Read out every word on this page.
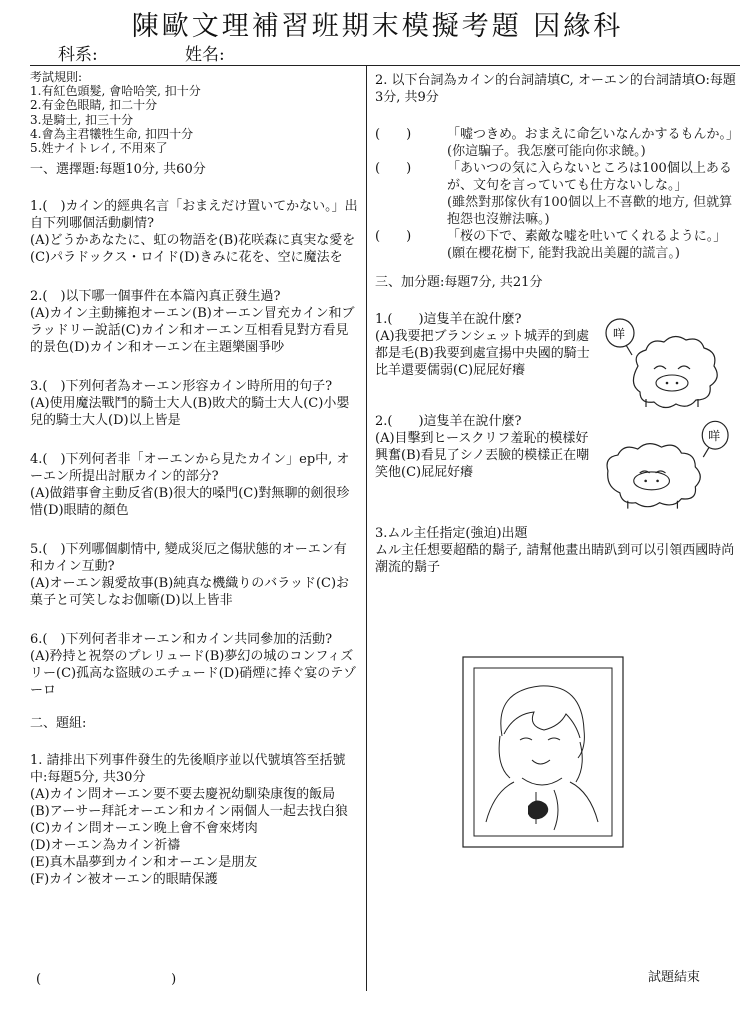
陳歐文理補習班期末模擬考題 因緣科
科系:	姓名:
考試規則:
1.有紅色頭髮, 會哈哈笑, 扣十分
2.有金色眼睛, 扣二十分
3.是騎士, 扣三十分
4.會為主君犧牲生命, 扣四十分
5.姓ナイトレイ, 不用來了
一、選擇題:每題10分, 共60分
1.(　)カイン的經典名言「おまえだけ置いてかない。」出自下列哪個活動劇情?
(A)どうかあなたに、虹の物語を(B)花咲森に真実な愛を(C)パラドックス・ロイド(D)きみに花を、空に魔法を
2.(　)以下哪一個事件在本篇內真正發生過?
(A)カイン主動擁抱オーエン(B)オーエン冒充カイン和ブラッドリー說話(C)カイン和オーエン互相看見對方看見的景色(D)カイン和オーエン在主題樂園爭吵
3.(　)下列何者為オーエン形容カイン時所用的句子?
(A)使用魔法戰鬥的騎士大人(B)敗犬的騎士大人(C)小嬰兒的騎士大人(D)以上皆是
4.(　)下列何者非「オーエンから見たカイン」ep中, オーエン所提出討厭カイン的部分?
(A)做錯事會主動反省(B)很大的嗓門(C)對無聊的劍很珍惜(D)眼睛的顏色
5.(　)下列哪個劇情中, 變成災厄之傷狀態的オーエン有和カイン互動?
(A)オーエン親愛故事(B)純真な機織りのバラッド(C)お菓子と可笑しなお伽噺(D)以上皆非
6.(　)下列何者非オーエン和カイン共同參加的活動?
(A)矜持と祝祭のプレリュード(B)夢幻の城のコンフィズリー(C)孤高な盜賊のエチュード(D)硝煙に捧ぐ宴のテゾーロ
二、題組:
1. 請排出下列事件發生的先後順序並以代號填答至括號中:每題5分, 共30分
(A)カイン問オーエン要不要去慶祝幼馴染康復的飯局
(B)アーサー拜託オーエン和カイン兩個人一起去找白狼
(C)カイン問オーエン晚上會不會來烤肉
(D)オーエン為カイン祈禱
(E)真木晶夢到カイン和オーエン是朋友
(F)カイン被オーエン的眼睛保護
(　　　　　　　　　　)
2. 以下台詞為カイン的台詞請填C, オーエン的台詞請填O:每題3分, 共9分
(　　)	「嘘つきめ。おまえに命乞いなんかするもんか。」
(你這騙子。我怎麼可能向你求饒。)
(　　)	「あいつの気に入らないところは100個以上あるが、文句を言っていても仕方ないしな。」
(雖然對那傢伙有100個以上不喜歡的地方, 但就算抱怨也沒辦法嘛。)
(　　)	「桜の下で、素敵な嘘を吐いてくれるように。」
(願在櫻花樹下, 能對我說出美麗的謊言。)
三、加分題:每題7分, 共21分
1.(　　)這隻羊在說什麼?
(A)我要把ブランシェット城弄的到處都是毛(B)我要到處宣揚中央國的騎士比羊還要儒弱(C)屁屁好癢
咩
2.(　　)這隻羊在說什麼?
(A)目擊到ヒースクリフ羞恥的模樣好興奮(B)看見了シノ丟臉的模樣正在嘲笑他(C)屁屁好癢
咩
3.ムル主任指定(強迫)出題
ムル主任想要超酷的鬍子, 請幫他畫出睛趴到可以引領西國時尚潮流的鬍子
試題結束
